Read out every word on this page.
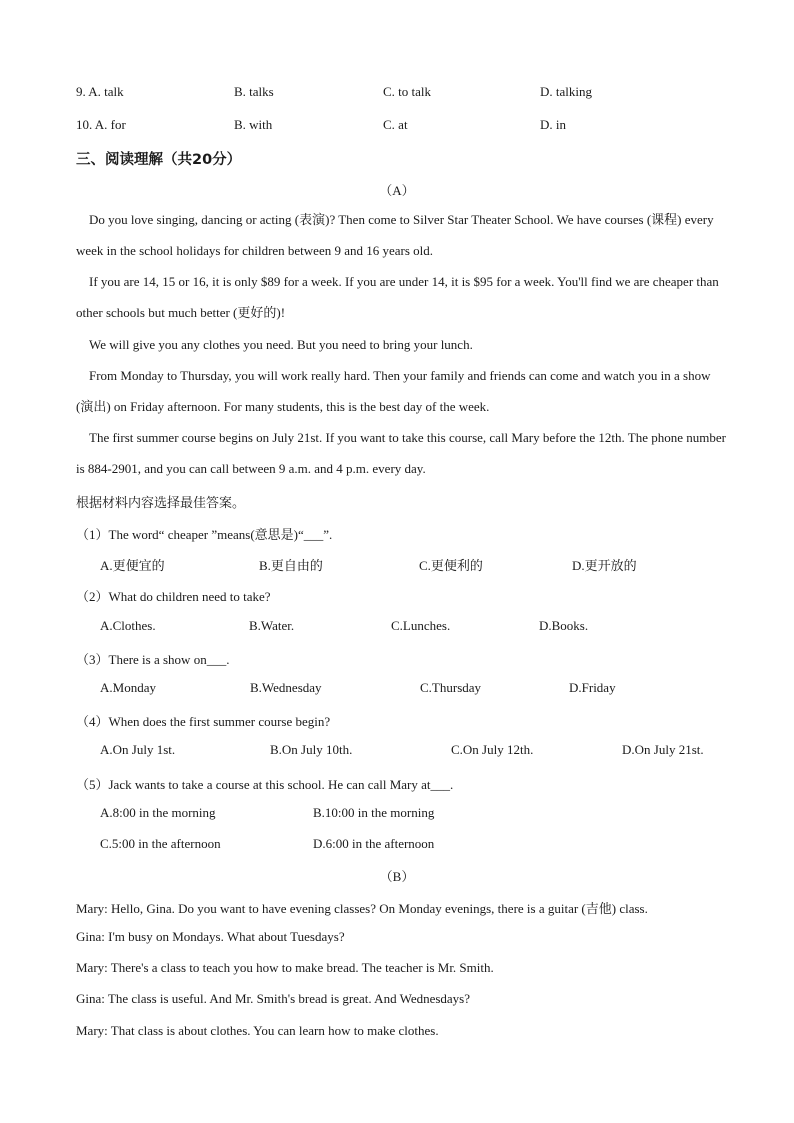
9. A. talk	B. talks	C. to talk	D. talking
10. A. for	B. with	C. at	D. in
三、阅读理解（共20分）
（A）
Do you love singing, dancing or acting (表演)? Then come to Silver Star Theater School. We have courses (课程) every week in the school holidays for children between 9 and 16 years old.
If you are 14, 15 or 16, it is only $89 for a week. If you are under 14, it is $95 for a week. You'll find we are cheaper than other schools but much better (更好的)!
We will give you any clothes you need. But you need to bring your lunch.
From Monday to Thursday, you will work really hard. Then your family and friends can come and watch you in a show (演出) on Friday afternoon. For many students, this is the best day of the week.
The first summer course begins on July 21st. If you want to take this course, call Mary before the 12th. The phone number is 884-2901, and you can call between 9 a.m. and 4 p.m. every day.
根据材料内容选择最佳答案。
（1）The word“ cheaper ”means(意思是)“___”.
A.更便宜的	B.更自由的	C.更便利的	D.更开放的
（2）What do children need to take?
A.Clothes.	B.Water.	C.Lunches.	D.Books.
（3）There is a show on___.
A.Monday	B.Wednesday	C.Thursday	D.Friday
（4）When does the first summer course begin?
A.On July 1st.	B.On July 10th.	C.On July 12th.	D.On July 21st.
（5）Jack wants to take a course at this school. He can call Mary at___.
A.8:00 in the morning	B.10:00 in the morning
C.5:00 in the afternoon	D.6:00 in the afternoon
（B）
Mary: Hello, Gina. Do you want to have evening classes? On Monday evenings, there is a guitar (吉他) class.
Gina: I'm busy on Mondays. What about Tuesdays?
Mary: There's a class to teach you how to make bread. The teacher is Mr. Smith.
Gina: The class is useful. And Mr. Smith's bread is great. And Wednesdays?
Mary: That class is about clothes. You can learn how to make clothes.
